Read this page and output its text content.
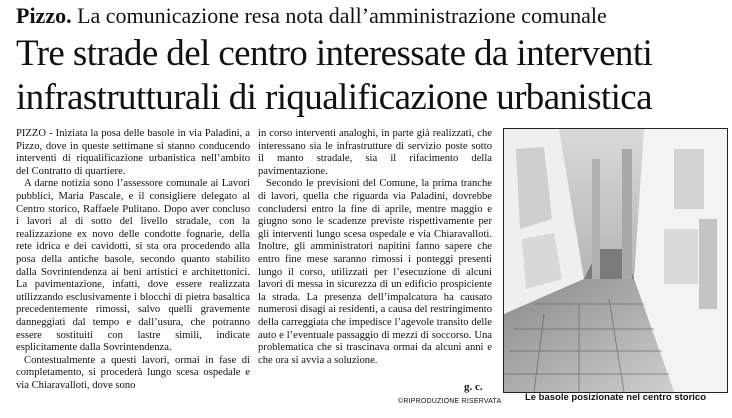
Pizzo. La comunicazione resa nota dall’amministrazione comunale
Tre strade del centro interessate da interventi
infrastrutturali di riqualificazione urbanistica

PIZZO - Iniziata la posa delle basole in via Paladini, a Pizzo, dove in queste settimane si stanno conducendo interventi di riqualificazione urbanistica nell’ambito del Contratto di quartiere.

A darne notizia sono l’assessore comunale ai Lavori pubblici, Maria Pascale, e il consigliere delegato al Centro storico, Raffaele Pulitano. Dopo aver concluso i lavori al di sotto del livello stradale, con la realizzazione ex novo delle condotte fognarie, della rete idrica e dei cavidotti, si sta ora procedendo alla posa della antiche basole, secondo quanto stabilito dalla Sovrintendenza ai beni artistici e architettonici. La pavimentazione, infatti, dove essere realizzata utilizzando esclusivamente i blocchi di pietra basaltica precedentemente rimossi, salvo quelli gravemente danneggiati dal tempo e dall’usura, che potranno essere sostituiti con lastre simili, indicate esplicitamente dalla Sovrintendenza.

Contestualmente a questi lavori, ormai in fase di completamento, si procederà lungo scesa ospedale e via Chiaravalloti, dove sono

in corso interventi analoghi, in parte già realizzati, che interessano sia le infrastrutture di servizio poste sotto il manto stradale, sia il rifacimento della pavimentazione.

Secondo le previsioni del Comune, la prima tranche di lavori, quella che riguarda via Paladini, dovrebbe concludersi entro la fine di aprile, mentre maggio e giugno sono le scadenze previste rispettivamente per gli interventi lungo scesa ospedale e via Chiaravalloti. Inoltre, gli amministratori napitini fanno sapere che entro fine mese saranno rimossi i ponteggi presenti lungo il corso, utilizzati per l’esecuzione di alcuni lavori di messa in sicurezza di un edificio prospiciente la strada. La presenza dell’impalcatura ha causato numerosi disagi ai residenti, a causa del restringimento della carreggiata che impedisce l’agevole transito delle auto e l’eventuale passaggio di mezzi di soccorso. Una problematica che si trascinava ormai da alcuni anni e che ora si avvia a soluzione.

g. c.
©RIPRODUZIONE RISERVATA	Le basole posizionate nel centro storico
